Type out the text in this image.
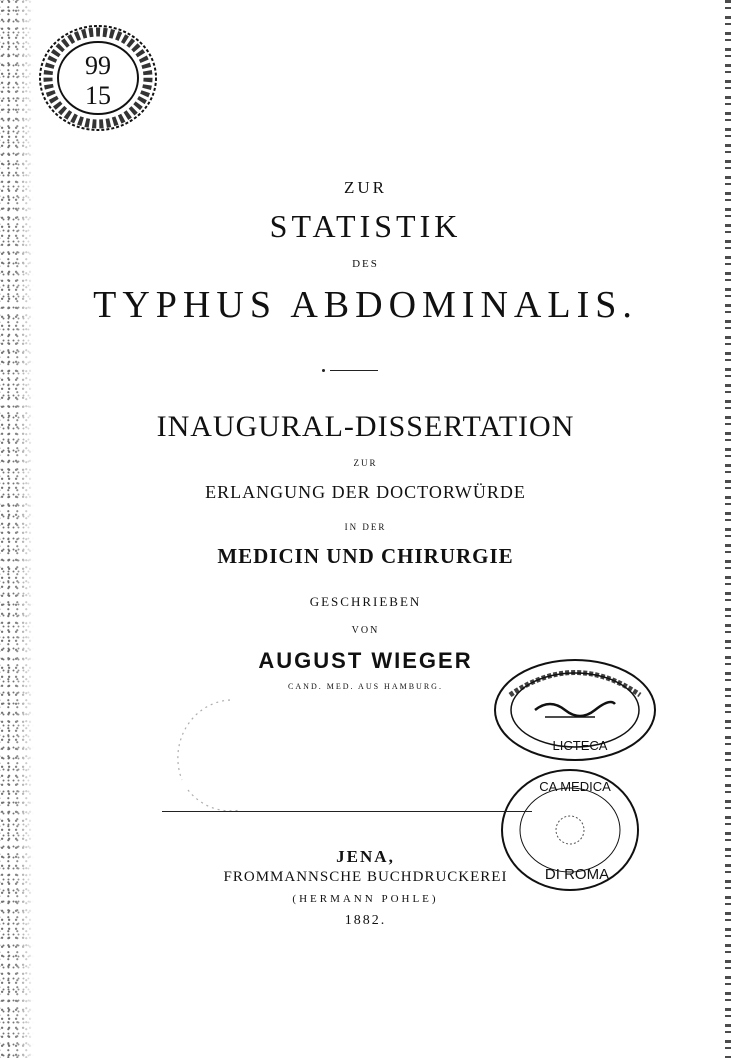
99
15
ZUR
STATISTIK
DES
TYPHUS ABDOMINALIS.
INAUGURAL-DISSERTATION
ZUR
ERLANGUNG DER DOCTORWÜRDE
IN DER
MEDICIN UND CHIRURGIE
GESCHRIEBEN
VON
AUGUST WIEGER
CAND. MED. AUS HAMBURG.
LICTECA
CA MEDICA
DI ROMA
JENA,
FROMMANNSCHE BUCHDRUCKEREI
(HERMANN POHLE)
1882.
